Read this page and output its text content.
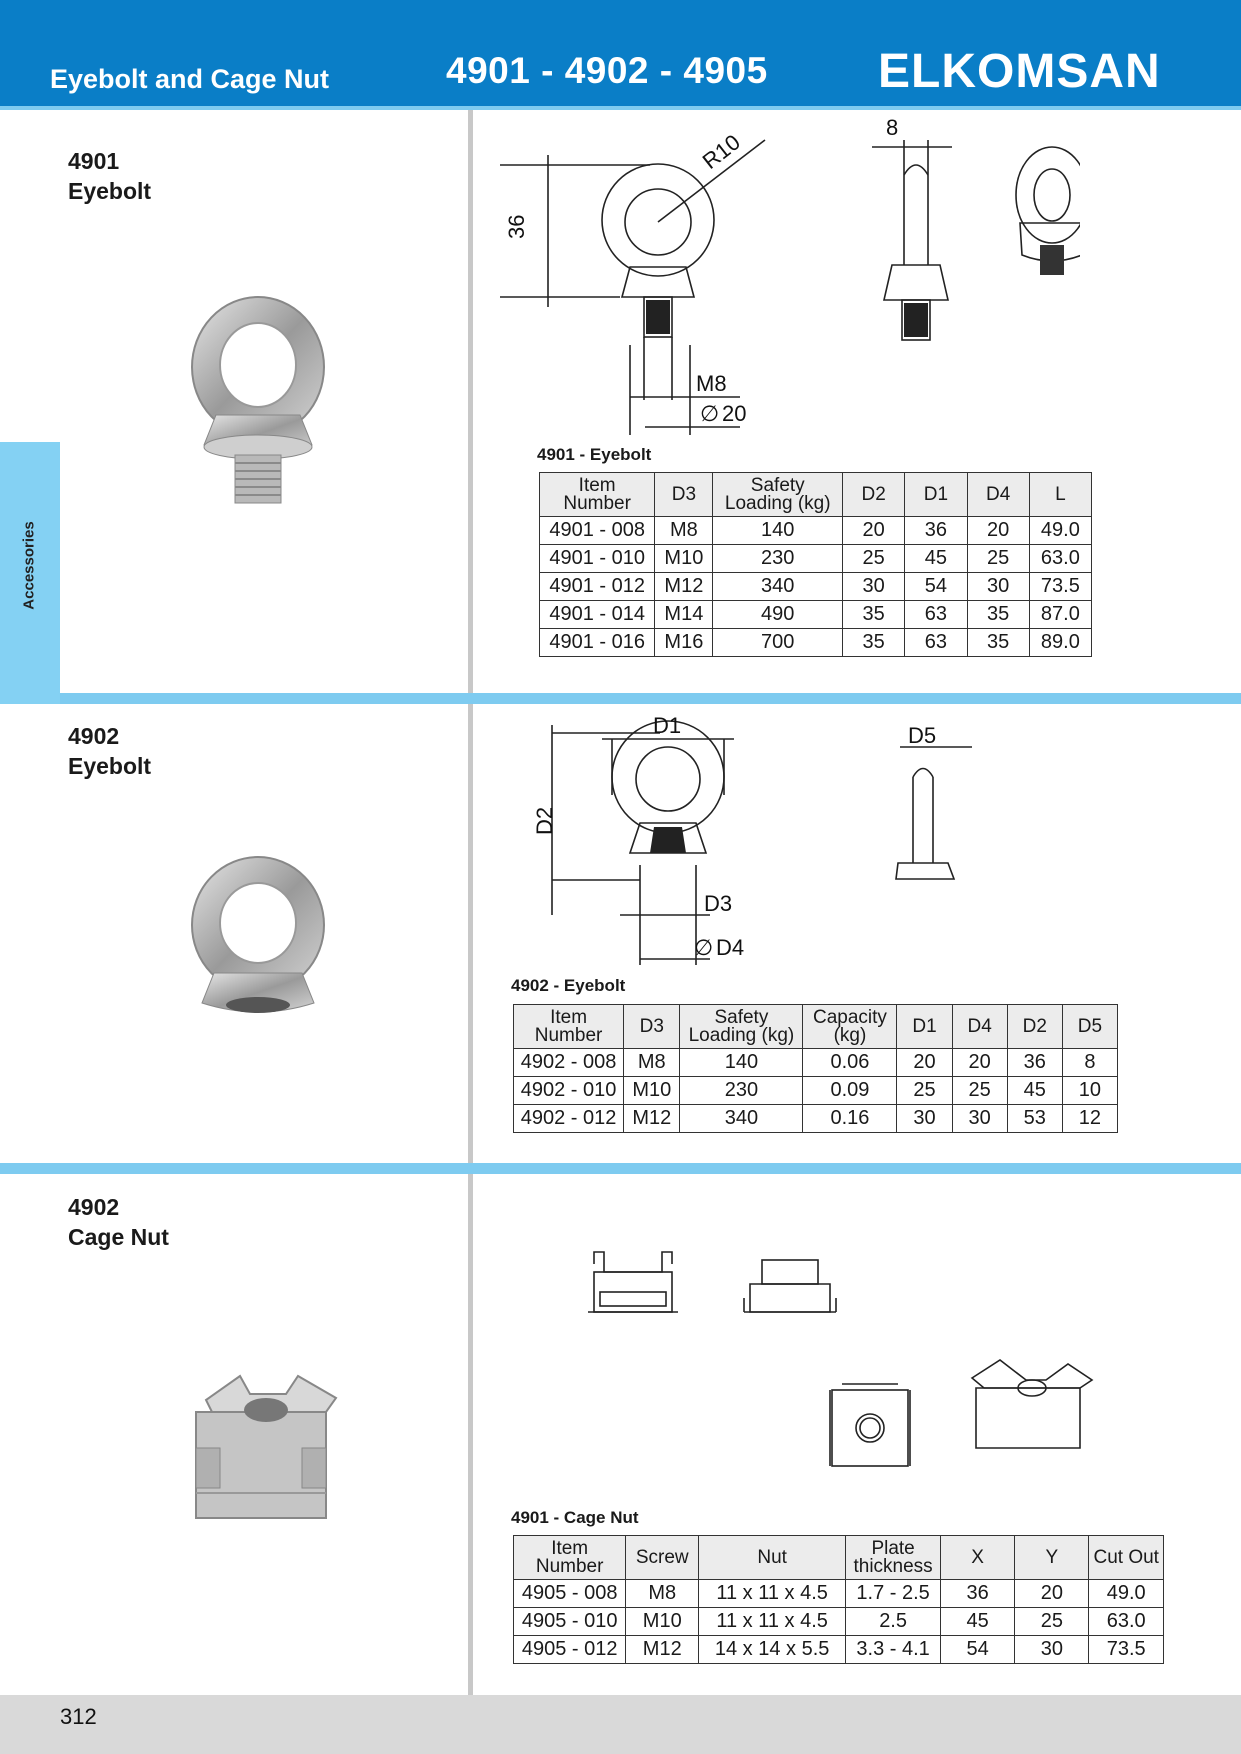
Eyebolt and Cage Nut	4901 - 4902 - 4905 ELKOMSAN
Accessories
4901
Eyebolt
36
R10
8
M8
∅ 20
4901 - Eyebolt
Item Number	D3	Safety Loading (kg)	D2	D1	D4	L
4901 - 008	M8	140	20	36	20	49.0
4901 - 010	M10	230	25	45	25	63.0
4901 - 012	M12	340	30	54	30	73.5
4901 - 014	M14	490	35	63	35	87.0
4901 - 016	M16	700	35	63	35	89.0
4902
Eyebolt
D1
D2
D3
∅ D4
D5
4902 - Eyebolt
Item Number	D3	Safety Loading (kg)	Capacity (kg)	D1	D4	D2	D5
4902 - 008	M8	140	0.06	20	20	36	8
4902 - 010	M10	230	0.09	25	25	45	10
4902 - 012	M12	340	0.16	30	30	53	12
4902
Cage Nut
4901 - Cage Nut
Item Number	Screw	Nut	Plate thickness	X	Y	Cut Out
4905 - 008	M8	11 x 11 x 4.5	1.7 - 2.5	36	20	49.0
4905 - 010	M10	11 x 11 x 4.5	2.5	45	25	63.0
4905 - 012	M12	14 x 14 x 5.5	3.3 - 4.1	54	30	73.5
312
